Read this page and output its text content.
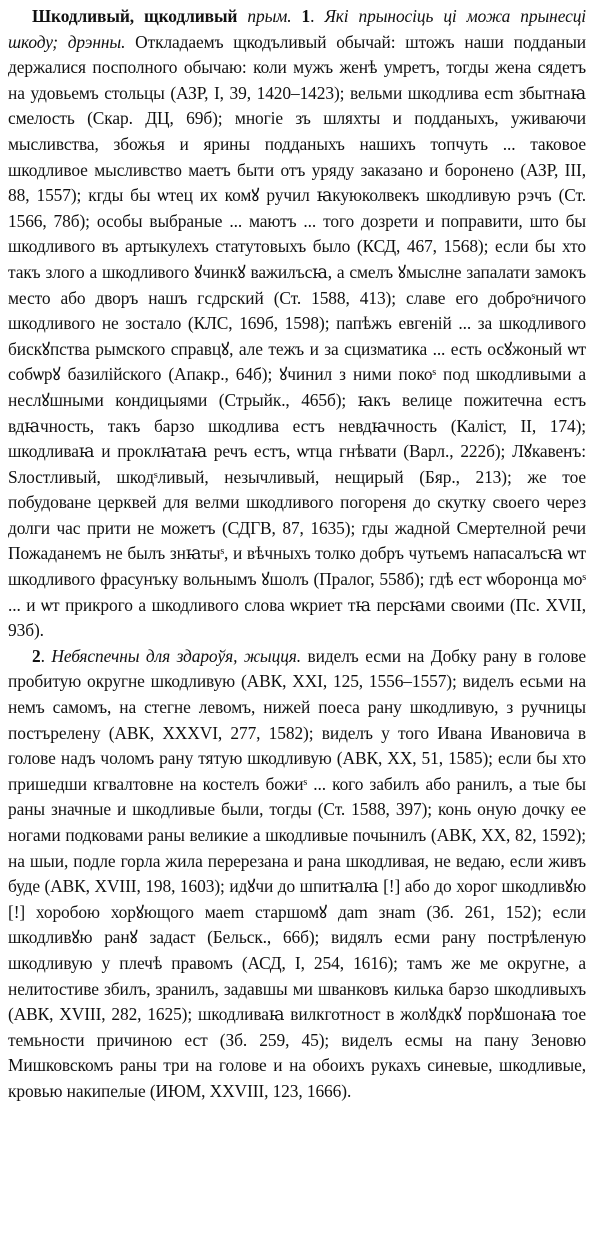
Шкодливый, щкодливый прым. 1. Якi прыносiць цi можа прынесцi шкоду; дрэнны. Откладаемъ щкодъливый обычай: штожъ наши подданыи держалися посполного обычаю: коли мужъ женѣ умретъ, тогды жена сядетъ на удовьемъ стольцы (АЗР, I, 39, 1420–1423); вельми шкодлива есm збытнаꙗ смелость (Скар. ДЦ, 69б); многiе зъ шляхты и подданыхъ, уживаючи мысливства, збожья и ярины подданыхъ нашихъ топчуть ... таковое шкодливое мысливство маетъ быти отъ уряду заказано и боронено (АЗР, III, 88, 1557); кгды бы ѡтец их комꙋ ручил ꙗкуюколвекъ шкодливую рэчъ (Ст. 1566, 78б); особы выбраные ... маютъ ... того дозрети и поправити, што бы шкодливого въ артыкулехъ статутовыхъ было (КСД, 467, 1568); если бы хто такъ злого а шкодливого ꙋчинкꙋ важилъсꙗ, а смелъ ꙋмыслне запалати замокъ место або дворъ нашъ гсдрский (Ст. 1588, 413); славе его доброˢничого шкодливого не зостало (КЛС, 169б, 1598); папѣжъ евгенiй ... за шкодливого бискꙋпства рымского справцꙋ, але тежъ и за сцизматика ... есть осꙋжоный ѡт собѡрꙋ базилiйского (Апакр., 64б); ꙋчинил з ними покоˢ под шкодливыми а неслꙋшными кондицыями (Стрыйк., 465б); ꙗкъ велице пожитечна естъ вдꙗчность, такъ барзо шкодлива естъ невдꙗчность (Калiст, II, 174); шкодливаꙗ и проклꙗтаꙗ речъ естъ, ѡтца гнѣвати (Варл., 222б); Лꙋкавенъ: Ѕлостливый, шкодˢливый, незычливый, нещирый (Бяр., 213); же тое побудоване церквей для велми шкодливого погореня до скутку своего через долги час прити не можетъ (СДГВ, 87, 1635); гды жадной Смертелной речи Пожаданемъ не былъ знꙗтыˢ, и вѣчныхъ толко добръ чутьемъ напасалъсꙗ ѡт шкодливого фрасунъку вольнымъ ꙋшолъ (Пралог, 558б); гдѣ ест ѡборонца моˢ ... и ѡт прикрого а шкодливого слова ѡкриет тꙗ персꙗми своими (Пс. XVII, 93б).

2. Небяспечны для здароўя, жыцця. виделъ есми на Добку рану в голове пробитую округне шкодливую (АВК, XXI, 125, 1556–1557); виделъ есьми на немъ самомъ, на стегне левомъ, нижей поеса рану шкодливую, з ручницы постърелену (АВК, XXXVI, 277, 1582); виделъ у того Ивана Ивановича в голове надъ чоломъ рану тятую шкодливую (АВК, XX, 51, 1585); если бы хто пришедши кгвалтовне на костелъ божиˢ ... кого забилъ або ранилъ, а тые бы раны значные и шкодливые были, тогды (Ст. 1588, 397); конь оную дочку ее ногами подковами раны великие а шкодливые почынилъ (АВК, XX, 82, 1592); на шыи, подле горла жила перерезана и рана шкодливая, не ведаю, если живъ буде (АВК, XVIII, 198, 1603); идꙋчи до шпитꙗлꙗ [!] або до хорог шкодливꙋю [!] хоробою хорꙋющого маеm старшомꙋ даm знаm (Зб. 261, 152); если шкодливꙋю ранꙋ задаст (Бельск., 66б); видялъ есми рану пострѣленую шкодливую у плечѣ правомъ (АСД, I, 254, 1616); тамъ же ме округне, а нелитостиве збилъ, зранилъ, задавшы ми шванковъ килька барзо шкодливыхъ (АВК, XVIII, 282, 1625); шкодливаꙗ вилкготност в жолꙋдкꙋ порꙋшонаꙗ тое темьности причиною ест (Зб. 259, 45); виделъ есмы на пану Зеновю Мишковскомъ раны три на голове и на обоихъ рукахъ синевые, шкодливые, кровью накипелые (ИЮМ, XXVIII, 123, 1666).
